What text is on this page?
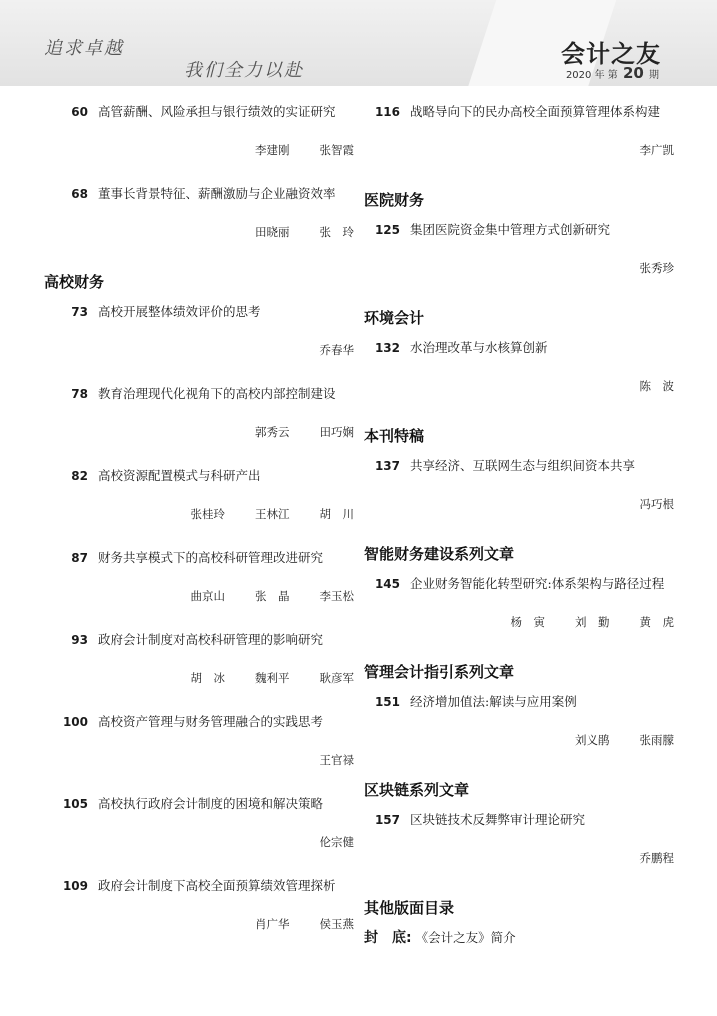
追求卓越
我们全力以赴
会计之友
2020 年 第 20 期
60 高管薪酬、风险承担与银行绩效的实证研究
李建刚	张智霞
68 董事长背景特征、薪酬激励与企业融资效率
田晓丽	张　玲
高校财务
73 高校开展整体绩效评价的思考
乔春华
78 教育治理现代化视角下的高校内部控制建设
郭秀云	田巧娴
82 高校资源配置模式与科研产出
张桂玲	王林江	胡　川
87 财务共享模式下的高校科研管理改进研究
曲京山	张　晶	李玉松
93 政府会计制度对高校科研管理的影响研究
胡　冰	魏利平	耿彦军
100 高校资产管理与财务管理融合的实践思考
王官禄
105 高校执行政府会计制度的困境和解决策略
伦宗健
109 政府会计制度下高校全面预算绩效管理探析
肖广华	侯玉燕
116 战略导向下的民办高校全面预算管理体系构建
李广凯
医院财务
125 集团医院资金集中管理方式创新研究
张秀珍
环境会计
132 水治理改革与水核算创新
陈　波
本刊特稿
137 共享经济、互联网生态与组织间资本共享
冯巧根
智能财务建设系列文章
145 企业财务智能化转型研究:体系架构与路径过程
杨　寅	刘　勤	黄　虎
管理会计指引系列文章
151 经济增加值法:解读与应用案例
刘义鹃	张雨朦
区块链系列文章
157 区块链技术反舞弊审计理论研究
乔鹏程
其他版面目录
封　底: 《会计之友》简介
